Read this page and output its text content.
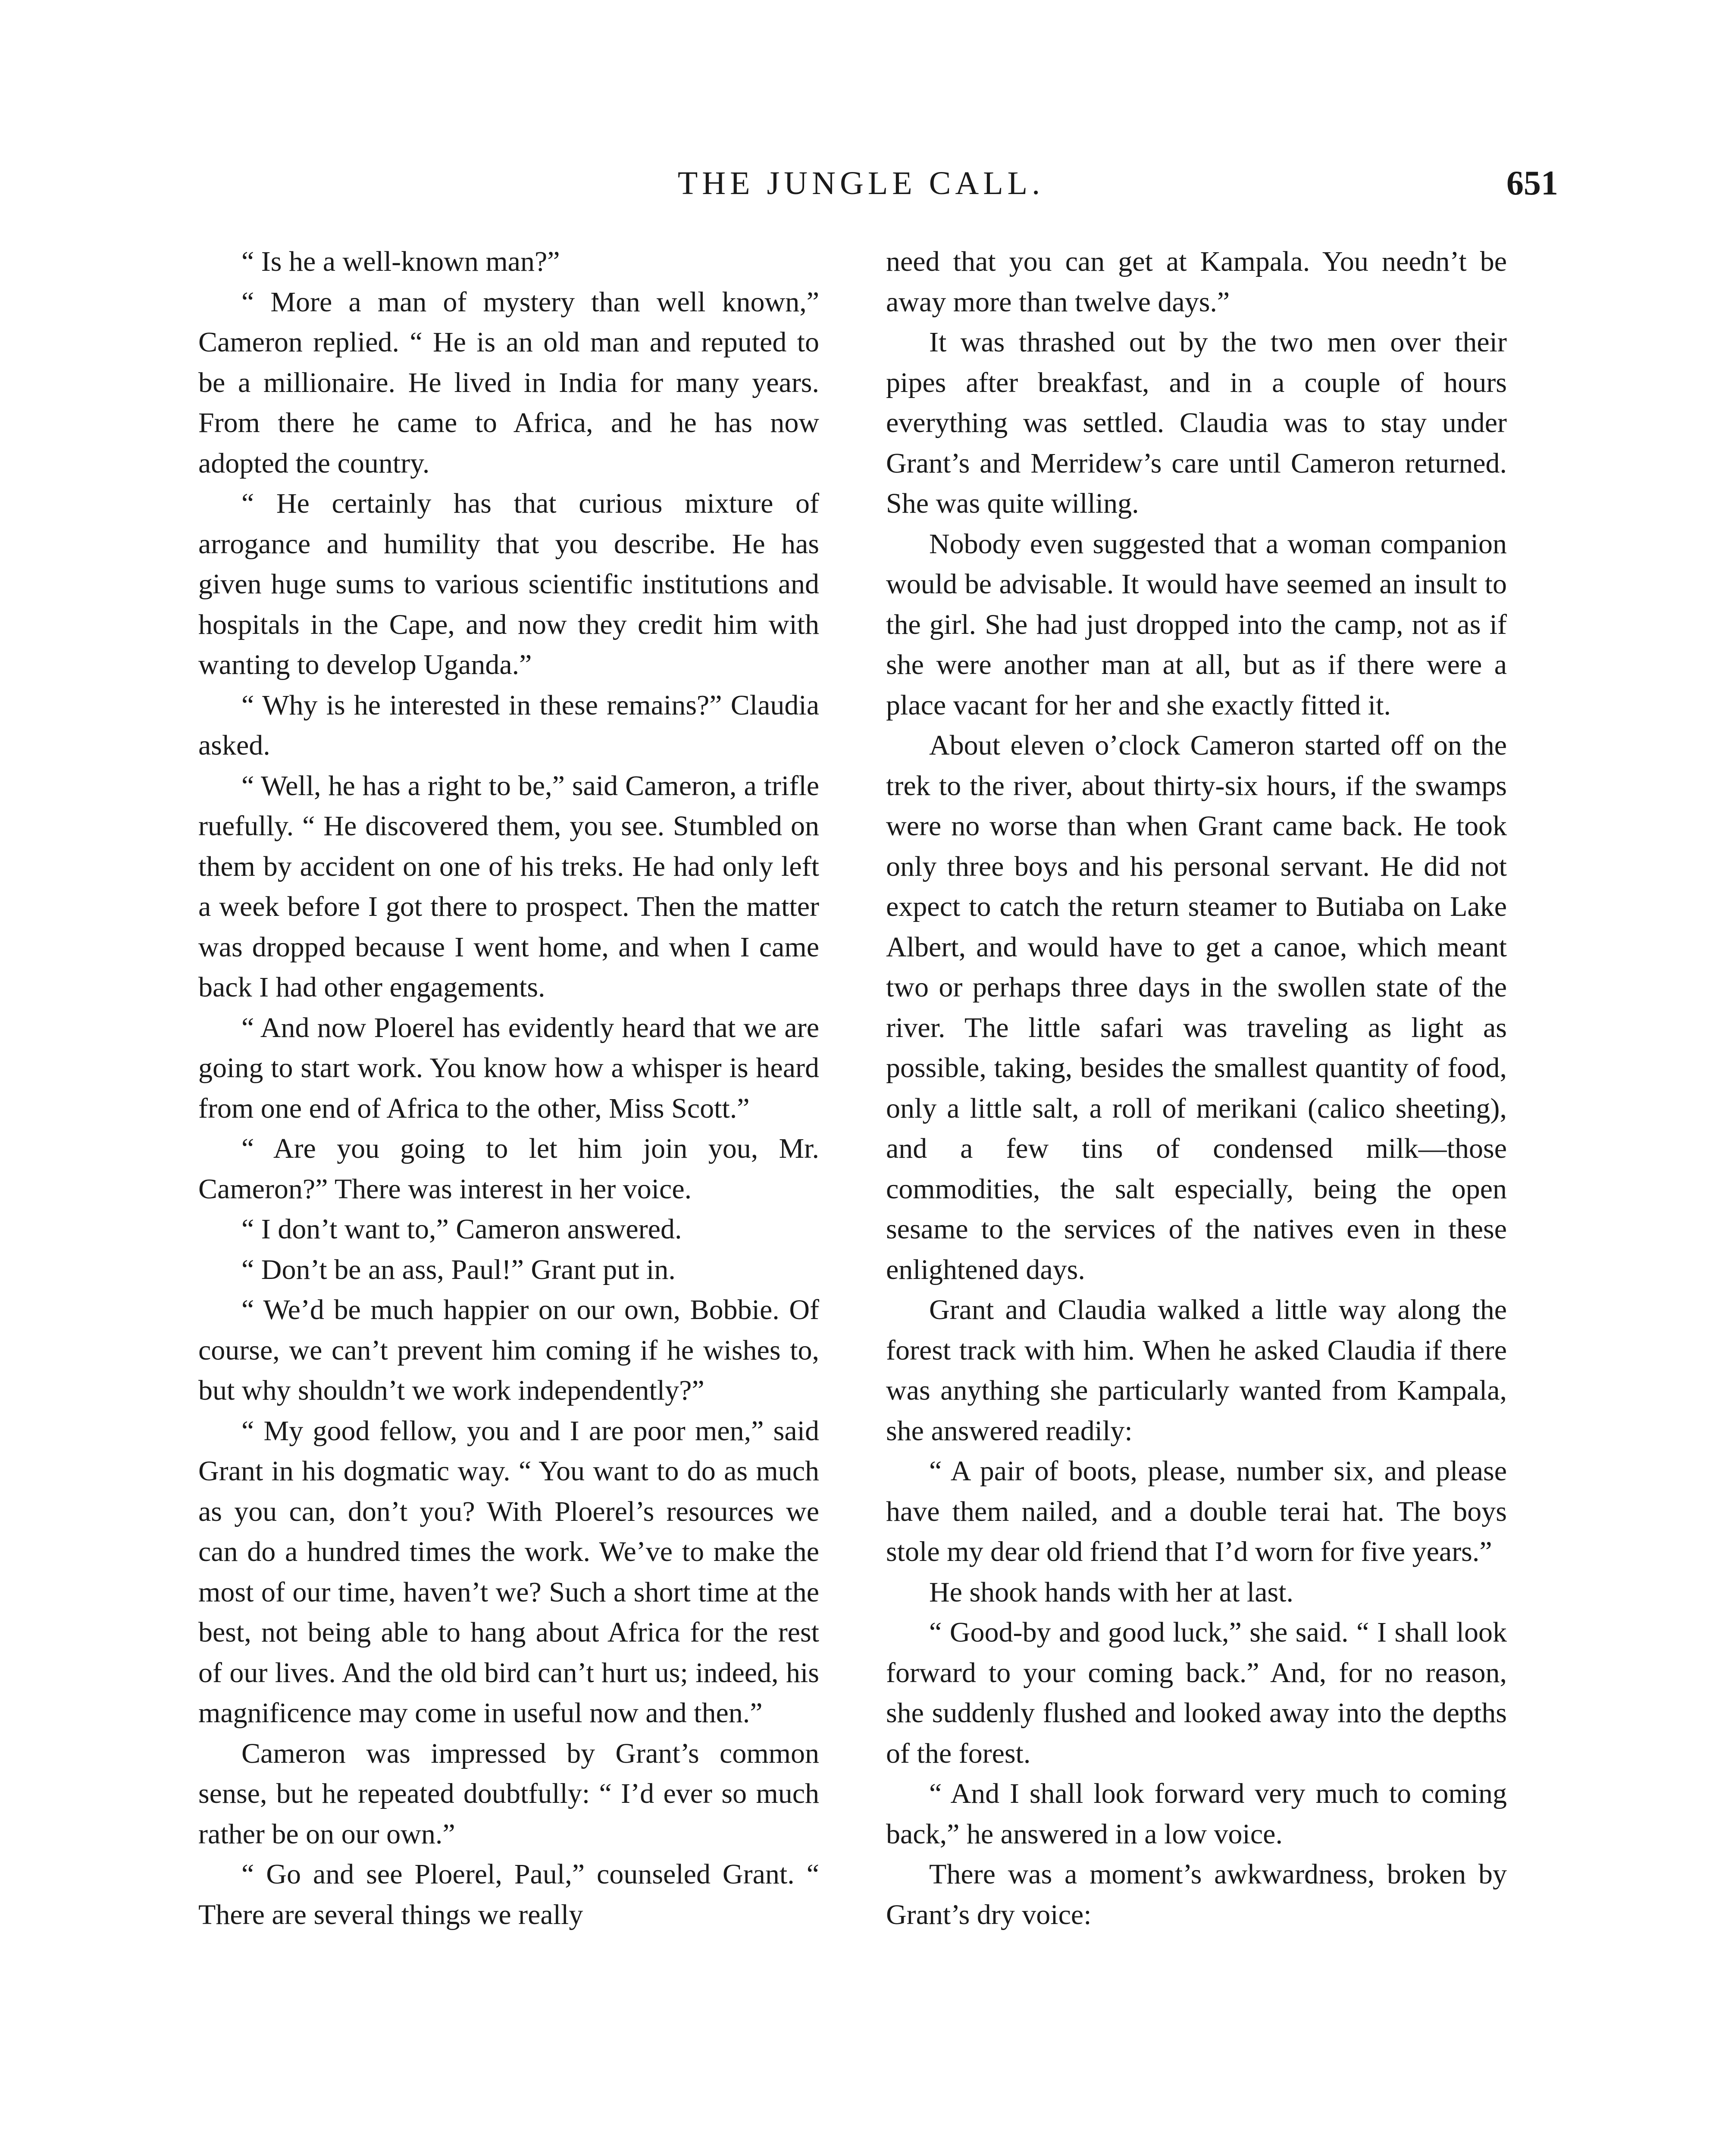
THE JUNGLE CALL.	651

“ Is he a well-known man?”

“ More a man of mystery than well known,” Cameron replied. “ He is an old man and reputed to be a millionaire. He lived in India for many years. From there he came to Africa, and he has now adopted the country.

“ He certainly has that curious mixture of arrogance and humility that you describe. He has given huge sums to various scientific institutions and hospitals in the Cape, and now they credit him with wanting to develop Uganda.”

“ Why is he interested in these remains?” Claudia asked.

“ Well, he has a right to be,” said Cameron, a trifle ruefully. “ He discovered them, you see. Stumbled on them by accident on one of his treks. He had only left a week before I got there to prospect. Then the matter was dropped because I went home, and when I came back I had other engagements.

“ And now Ploerel has evidently heard that we are going to start work. You know how a whisper is heard from one end of Africa to the other, Miss Scott.”

“ Are you going to let him join you, Mr. Cameron?” There was interest in her voice.

“ I don’t want to,” Cameron answered.

“ Don’t be an ass, Paul!” Grant put in.

“ We’d be much happier on our own, Bobbie. Of course, we can’t prevent him coming if he wishes to, but why shouldn’t we work independently?”

“ My good fellow, you and I are poor men,” said Grant in his dogmatic way. “ You want to do as much as you can, don’t you? With Ploerel’s resources we can do a hundred times the work. We’ve to make the most of our time, haven’t we? Such a short time at the best, not being able to hang about Africa for the rest of our lives. And the old bird can’t hurt us; indeed, his magnificence may come in useful now and then.”

Cameron was impressed by Grant’s common sense, but he repeated doubtfully: “ I’d ever so much rather be on our own.”

“ Go and see Ploerel, Paul,” counseled Grant. “ There are several things we really

need that you can get at Kampala. You needn’t be away more than twelve days.”

It was thrashed out by the two men over their pipes after breakfast, and in a couple of hours everything was settled. Claudia was to stay under Grant’s and Merridew’s care until Cameron returned. She was quite willing.

Nobody even suggested that a woman companion would be advisable. It would have seemed an insult to the girl. She had just dropped into the camp, not as if she were another man at all, but as if there were a place vacant for her and she exactly fitted it.

About eleven o’clock Cameron started off on the trek to the river, about thirty-six hours, if the swamps were no worse than when Grant came back. He took only three boys and his personal servant. He did not expect to catch the return steamer to Butiaba on Lake Albert, and would have to get a canoe, which meant two or perhaps three days in the swollen state of the river. The little safari was traveling as light as possible, taking, besides the smallest quantity of food, only a little salt, a roll of merikani (calico sheeting), and a few tins of condensed milk—those commodities, the salt especially, being the open sesame to the services of the natives even in these enlightened days.

Grant and Claudia walked a little way along the forest track with him. When he asked Claudia if there was anything she particularly wanted from Kampala, she answered readily:

“ A pair of boots, please, number six, and please have them nailed, and a double terai hat. The boys stole my dear old friend that I’d worn for five years.”

He shook hands with her at last.

“ Good-by and good luck,” she said. “ I shall look forward to your coming back.” And, for no reason, she suddenly flushed and looked away into the depths of the forest.

“ And I shall look forward very much to coming back,” he answered in a low voice.

There was a moment’s awkwardness, broken by Grant’s dry voice:
